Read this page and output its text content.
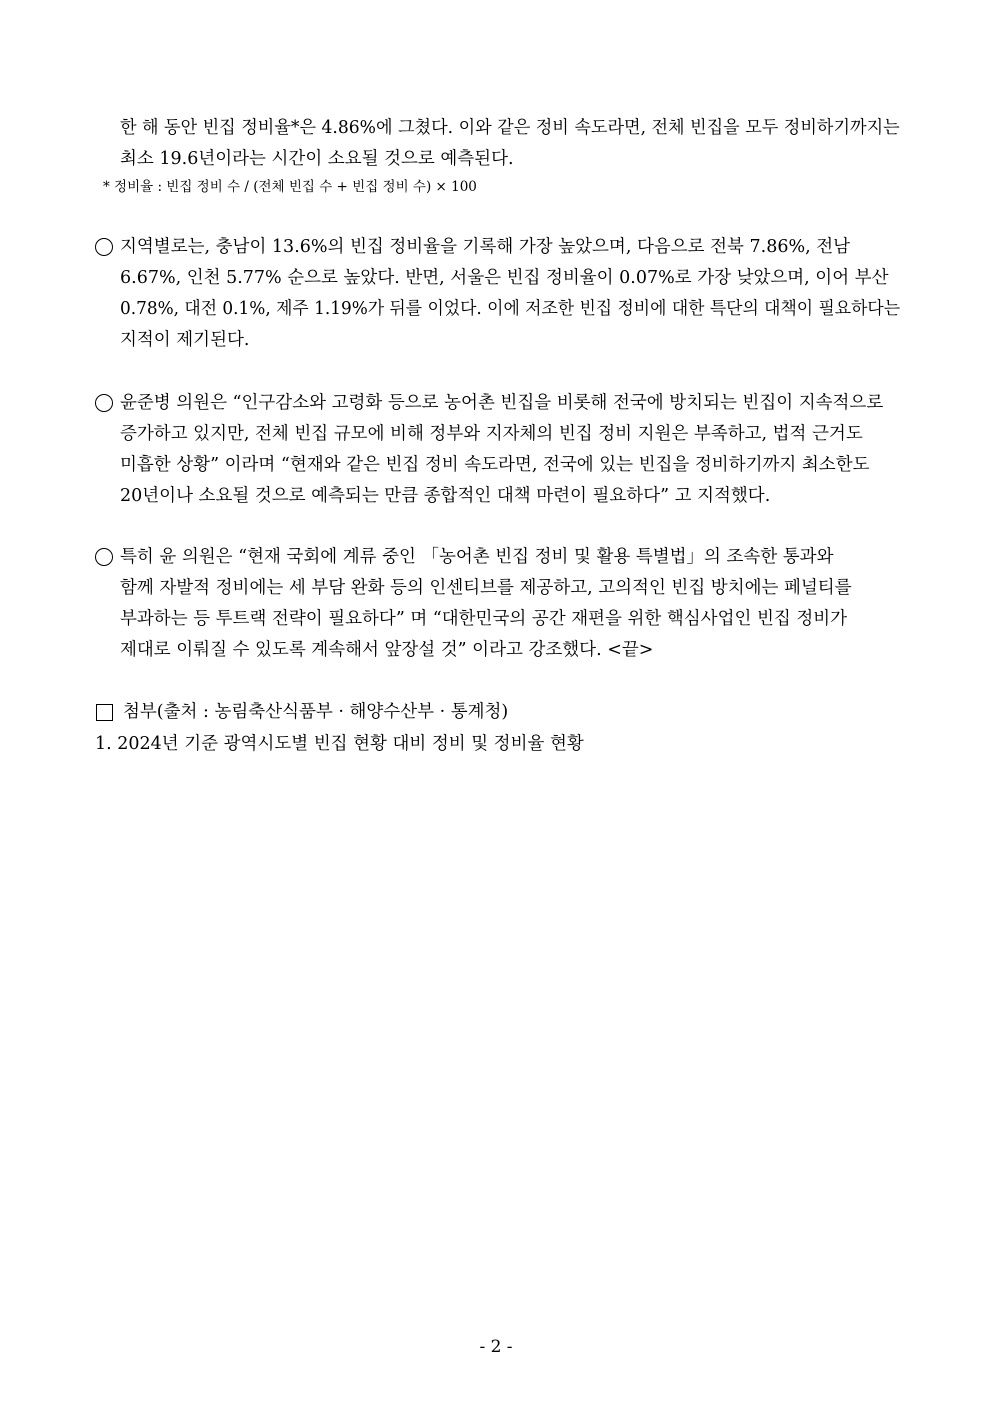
한 해 동안 빈집 정비율*은 4.86%에 그쳤다. 이와 같은 정비 속도라면, 전체 빈집을 모두 정비하기까지는
최소 19.6년이라는 시간이 소요될 것으로 예측된다.
* 정비율 : 빈집 정비 수 / (전체 빈집 수 + 빈집 정비 수) × 100
지역별로는, 충남이 13.6%의 빈집 정비율을 기록해 가장 높았으며, 다음으로 전북 7.86%, 전남
6.67%, 인천 5.77% 순으로 높았다. 반면, 서울은 빈집 정비율이 0.07%로 가장 낮았으며, 이어 부산
0.78%, 대전 0.1%, 제주 1.19%가 뒤를 이었다. 이에 저조한 빈집 정비에 대한 특단의 대책이 필요하다는
지적이 제기된다.
윤준병 의원은 “인구감소와 고령화 등으로 농어촌 빈집을 비롯해 전국에 방치되는 빈집이 지속적으로
증가하고 있지만, 전체 빈집 규모에 비해 정부와 지자체의 빈집 정비 지원은 부족하고, 법적 근거도
미흡한 상황” 이라며 “현재와 같은 빈집 정비 속도라면, 전국에 있는 빈집을 정비하기까지 최소한도
20년이나 소요될 것으로 예측되는 만큼 종합적인 대책 마련이 필요하다” 고 지적했다.
특히 윤 의원은 “현재 국회에 계류 중인 「농어촌 빈집 정비 및 활용 특별법」의 조속한 통과와
함께 자발적 정비에는 세 부담 완화 등의 인센티브를 제공하고, 고의적인 빈집 방치에는 페널티를
부과하는 등 투트랙 전략이 필요하다” 며 “대한민국의 공간 재편을 위한 핵심사업인 빈집 정비가
제대로 이뤄질 수 있도록 계속해서 앞장설 것” 이라고 강조했다. <끝>
첨부(출처 : 농림축산식품부 · 해양수산부 · 통계청)
1. 2024년 기준 광역시도별 빈집 현황 대비 정비 및 정비율 현황
- 2 -
